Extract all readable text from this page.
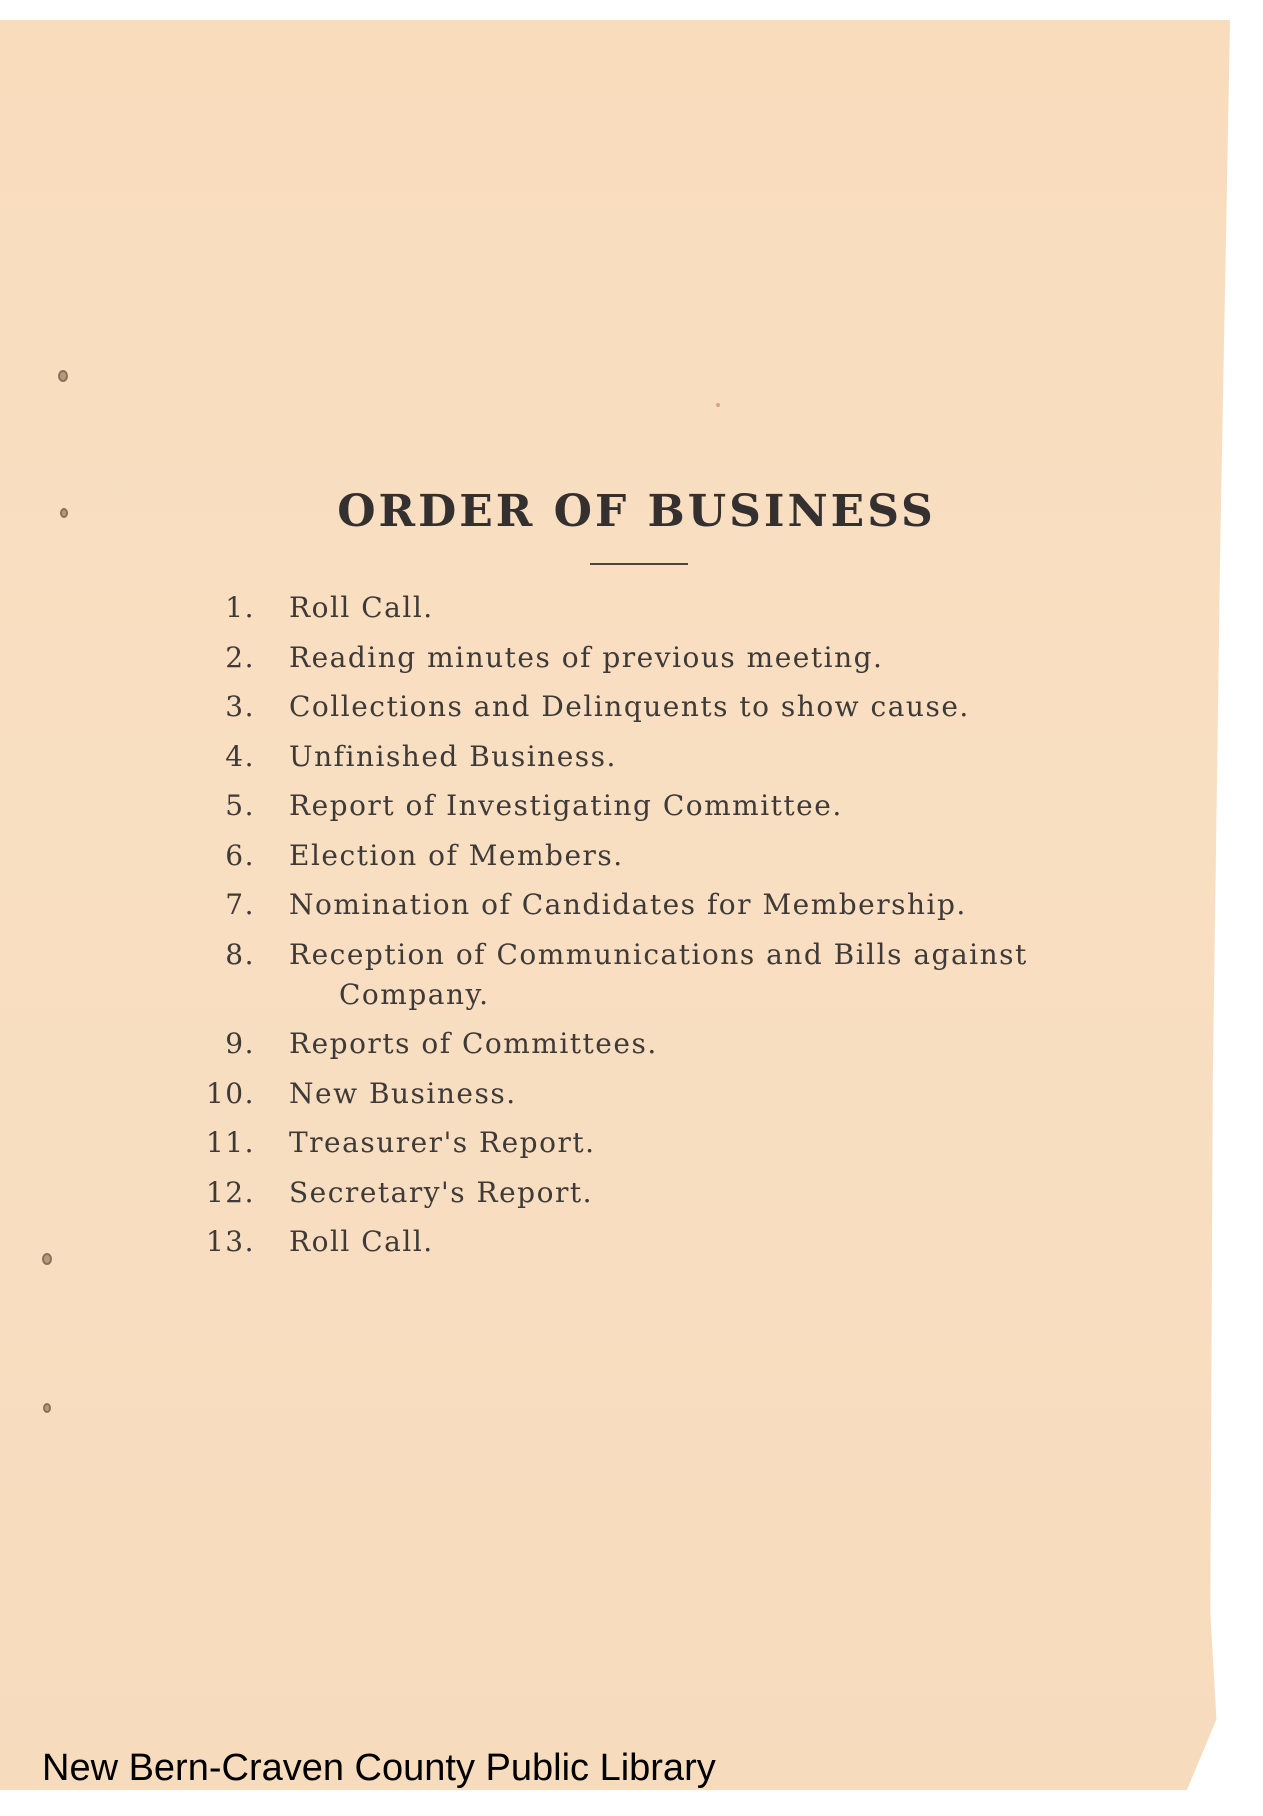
ORDER OF BUSINESS
1. Roll Call.
2. Reading minutes of previous meeting.
3. Collections and Delinquents to show cause.
4. Unfinished Business.
5. Report of Investigating Committee.
6. Election of Members.
7. Nomination of Candidates for Membership.
8. Reception of Communications and Bills against Company.
9. Reports of Committees.
10. New Business.
11. Treasurer's Report.
12. Secretary's Report.
13. Roll Call.

New Bern-Craven County Public Library
